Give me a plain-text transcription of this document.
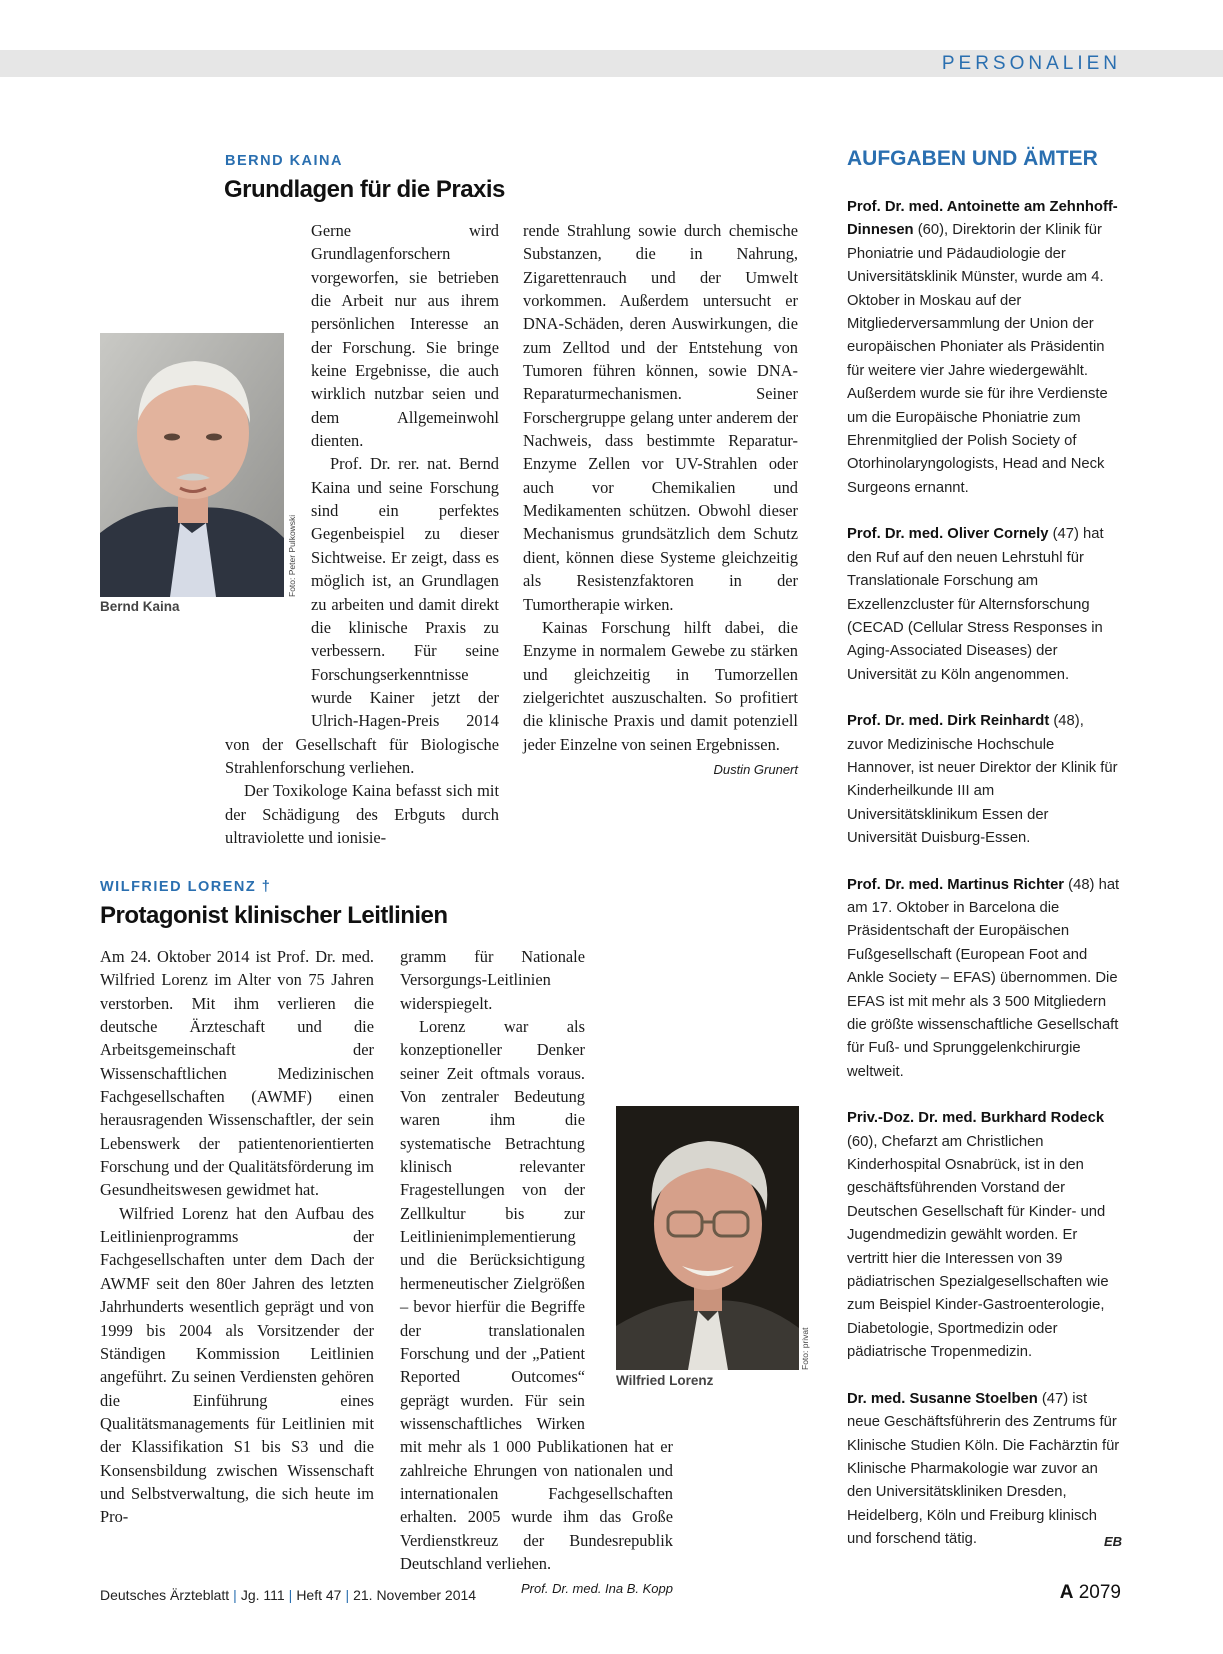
PERSONALIEN
BERND KAINA
Grundlagen für die Praxis
Foto: Peter Pulkowski
Bernd Kaina

Gerne wird Grundlagenforschern vorgeworfen, sie betrieben die Arbeit nur aus ihrem persönlichen Interesse an der Forschung. Sie bringe keine Ergebnisse, die auch wirklich nutzbar seien und dem Allgemeinwohl dienten.

Prof. Dr. rer. nat. Bernd Kaina und seine Forschung sind ein perfektes Gegenbeispiel zu dieser Sichtweise. Er zeigt, dass es möglich ist, an Grundlagen zu arbeiten und damit direkt die klinische Praxis zu verbessern. Für seine Forschungserkenntnisse wurde Kainer jetzt der Ulrich-Hagen-Preis 2014 von der Gesellschaft für Biologische Strahlenforschung verliehen.

Der Toxikologe Kaina befasst sich mit der Schädigung des Erbguts durch ultraviolette und ionisie-

rende Strahlung sowie durch chemische Substanzen, die in Nahrung, Zigarettenrauch und der Umwelt vorkommen. Außerdem untersucht er DNA-Schäden, deren Auswirkungen, die zum Zelltod und der Entstehung von Tumoren führen können, sowie DNA-Reparaturmechanismen. Seiner Forschergruppe gelang unter anderem der Nachweis, dass bestimmte Reparatur-Enzyme Zellen vor UV-Strahlen oder auch vor Chemikalien und Medikamenten schützen. Obwohl dieser Mechanismus grundsätzlich dem Schutz dient, können diese Systeme gleichzeitig als Resistenzfaktoren in der Tumortherapie wirken.

Kainas Forschung hilft dabei, die Enzyme in normalem Gewebe zu stärken und gleichzeitig in Tumorzellen zielgerichtet auszuschalten. So profitiert die klinische Praxis und damit potenziell jeder Einzelne von seinen Ergebnissen.
Dustin Grunert

WILFRIED LORENZ †
Protagonist klinischer Leitlinien

Am 24. Oktober 2014 ist Prof. Dr. med. Wilfried Lorenz im Alter von 75 Jahren verstorben. Mit ihm verlieren die deutsche Ärzteschaft und die Arbeitsgemeinschaft der Wissenschaftlichen Medizinischen Fachgesellschaften (AWMF) einen herausragenden Wissenschaftler, der sein Lebenswerk der patientenorientierten Forschung und der Qualitätsförderung im Gesundheitswesen gewidmet hat.

Wilfried Lorenz hat den Aufbau des Leitlinienprogramms der Fachgesellschaften unter dem Dach der AWMF seit den 80er Jahren des letzten Jahrhunderts wesentlich geprägt und von 1999 bis 2004 als Vorsitzender der Ständigen Kommission Leitlinien angeführt. Zu seinen Verdiensten gehören die Einführung eines Qualitätsmanagements für Leitlinien mit der Klassifikation S1 bis S3 und die Konsensbildung zwischen Wissenschaft und Selbstverwaltung, die sich heute im Pro-

Foto: privat
Wilfried Lorenz

gramm für Nationale Versorgungs-Leitlinien widerspiegelt.

Lorenz war als konzeptioneller Denker seiner Zeit oftmals voraus. Von zentraler Bedeutung waren ihm die systematische Betrachtung klinisch relevanter Fragestellungen von der Zellkultur bis zur Leitlinienimplementierung und die Berücksichtigung hermeneutischer Zielgrößen – bevor hierfür die Begriffe der translationalen Forschung und der „Patient Reported Outcomes“ geprägt wurden. Für sein wissenschaftliches Wirken mit mehr als 1 000 Publikationen hat er zahlreiche Ehrungen von nationalen und internationalen Fachgesellschaften erhalten. 2005 wurde ihm das Große Verdienstkreuz der Bundesrepublik Deutschland verliehen.
Prof. Dr. med. Ina B. Kopp

AUFGABEN UND ÄMTER

Prof. Dr. med. Antoinette am Zehnhoff-Dinnesen (60), Direktorin der Klinik für Phoniatrie und Pädaudiologie der Universitätsklinik Münster, wurde am 4. Oktober in Moskau auf der Mitgliederversammlung der Union der europäischen Phoniater als Präsidentin für weitere vier Jahre wiedergewählt. Außerdem wurde sie für ihre Verdienste um die Europäische Phoniatrie zum Ehrenmitglied der Polish Society of Otorhinolaryngologists, Head and Neck Surgeons ernannt.

Prof. Dr. med. Oliver Cornely (47) hat den Ruf auf den neuen Lehrstuhl für Translationale Forschung am Exzellenzcluster für Alternsforschung (CECAD (Cellular Stress Responses in Aging-Associated Diseases) der Universität zu Köln angenommen.

Prof. Dr. med. Dirk Reinhardt (48), zuvor Medizinische Hochschule Hannover, ist neuer Direktor der Klinik für Kinderheilkunde III am Universitätsklinikum Essen der Universität Duisburg-Essen.

Prof. Dr. med. Martinus Richter (48) hat am 17. Oktober in Barcelona die Präsidentschaft der Europäischen Fußgesellschaft (European Foot and Ankle Society – EFAS) übernommen. Die EFAS ist mit mehr als 3 500 Mitgliedern die größte wissenschaftliche Gesellschaft für Fuß- und Sprunggelenkchirurgie weltweit.

Priv.-Doz. Dr. med. Burkhard Rodeck (60), Chefarzt am Christlichen Kinderhospital Osnabrück, ist in den geschäftsführenden Vorstand der Deutschen Gesellschaft für Kinder- und Jugendmedizin gewählt worden. Er vertritt hier die Interessen von 39 pädiatrischen Spezialgesellschaften wie zum Beispiel Kinder-Gastroenterologie, Diabetologie, Sportmedizin oder pädiatrische Tropenmedizin.

Dr. med. Susanne Stoelben (47) ist neue Geschäftsführerin des Zentrums für Klinische Studien Köln. Die Fachärztin für Klinische Pharmakologie war zuvor an den Universitätskliniken Dresden, Heidelberg, Köln und Freiburg klinisch und forschend tätig.	EB

Deutsches Ärzteblatt | Jg. 111 | Heft 47 | 21. November 2014	A 2079
